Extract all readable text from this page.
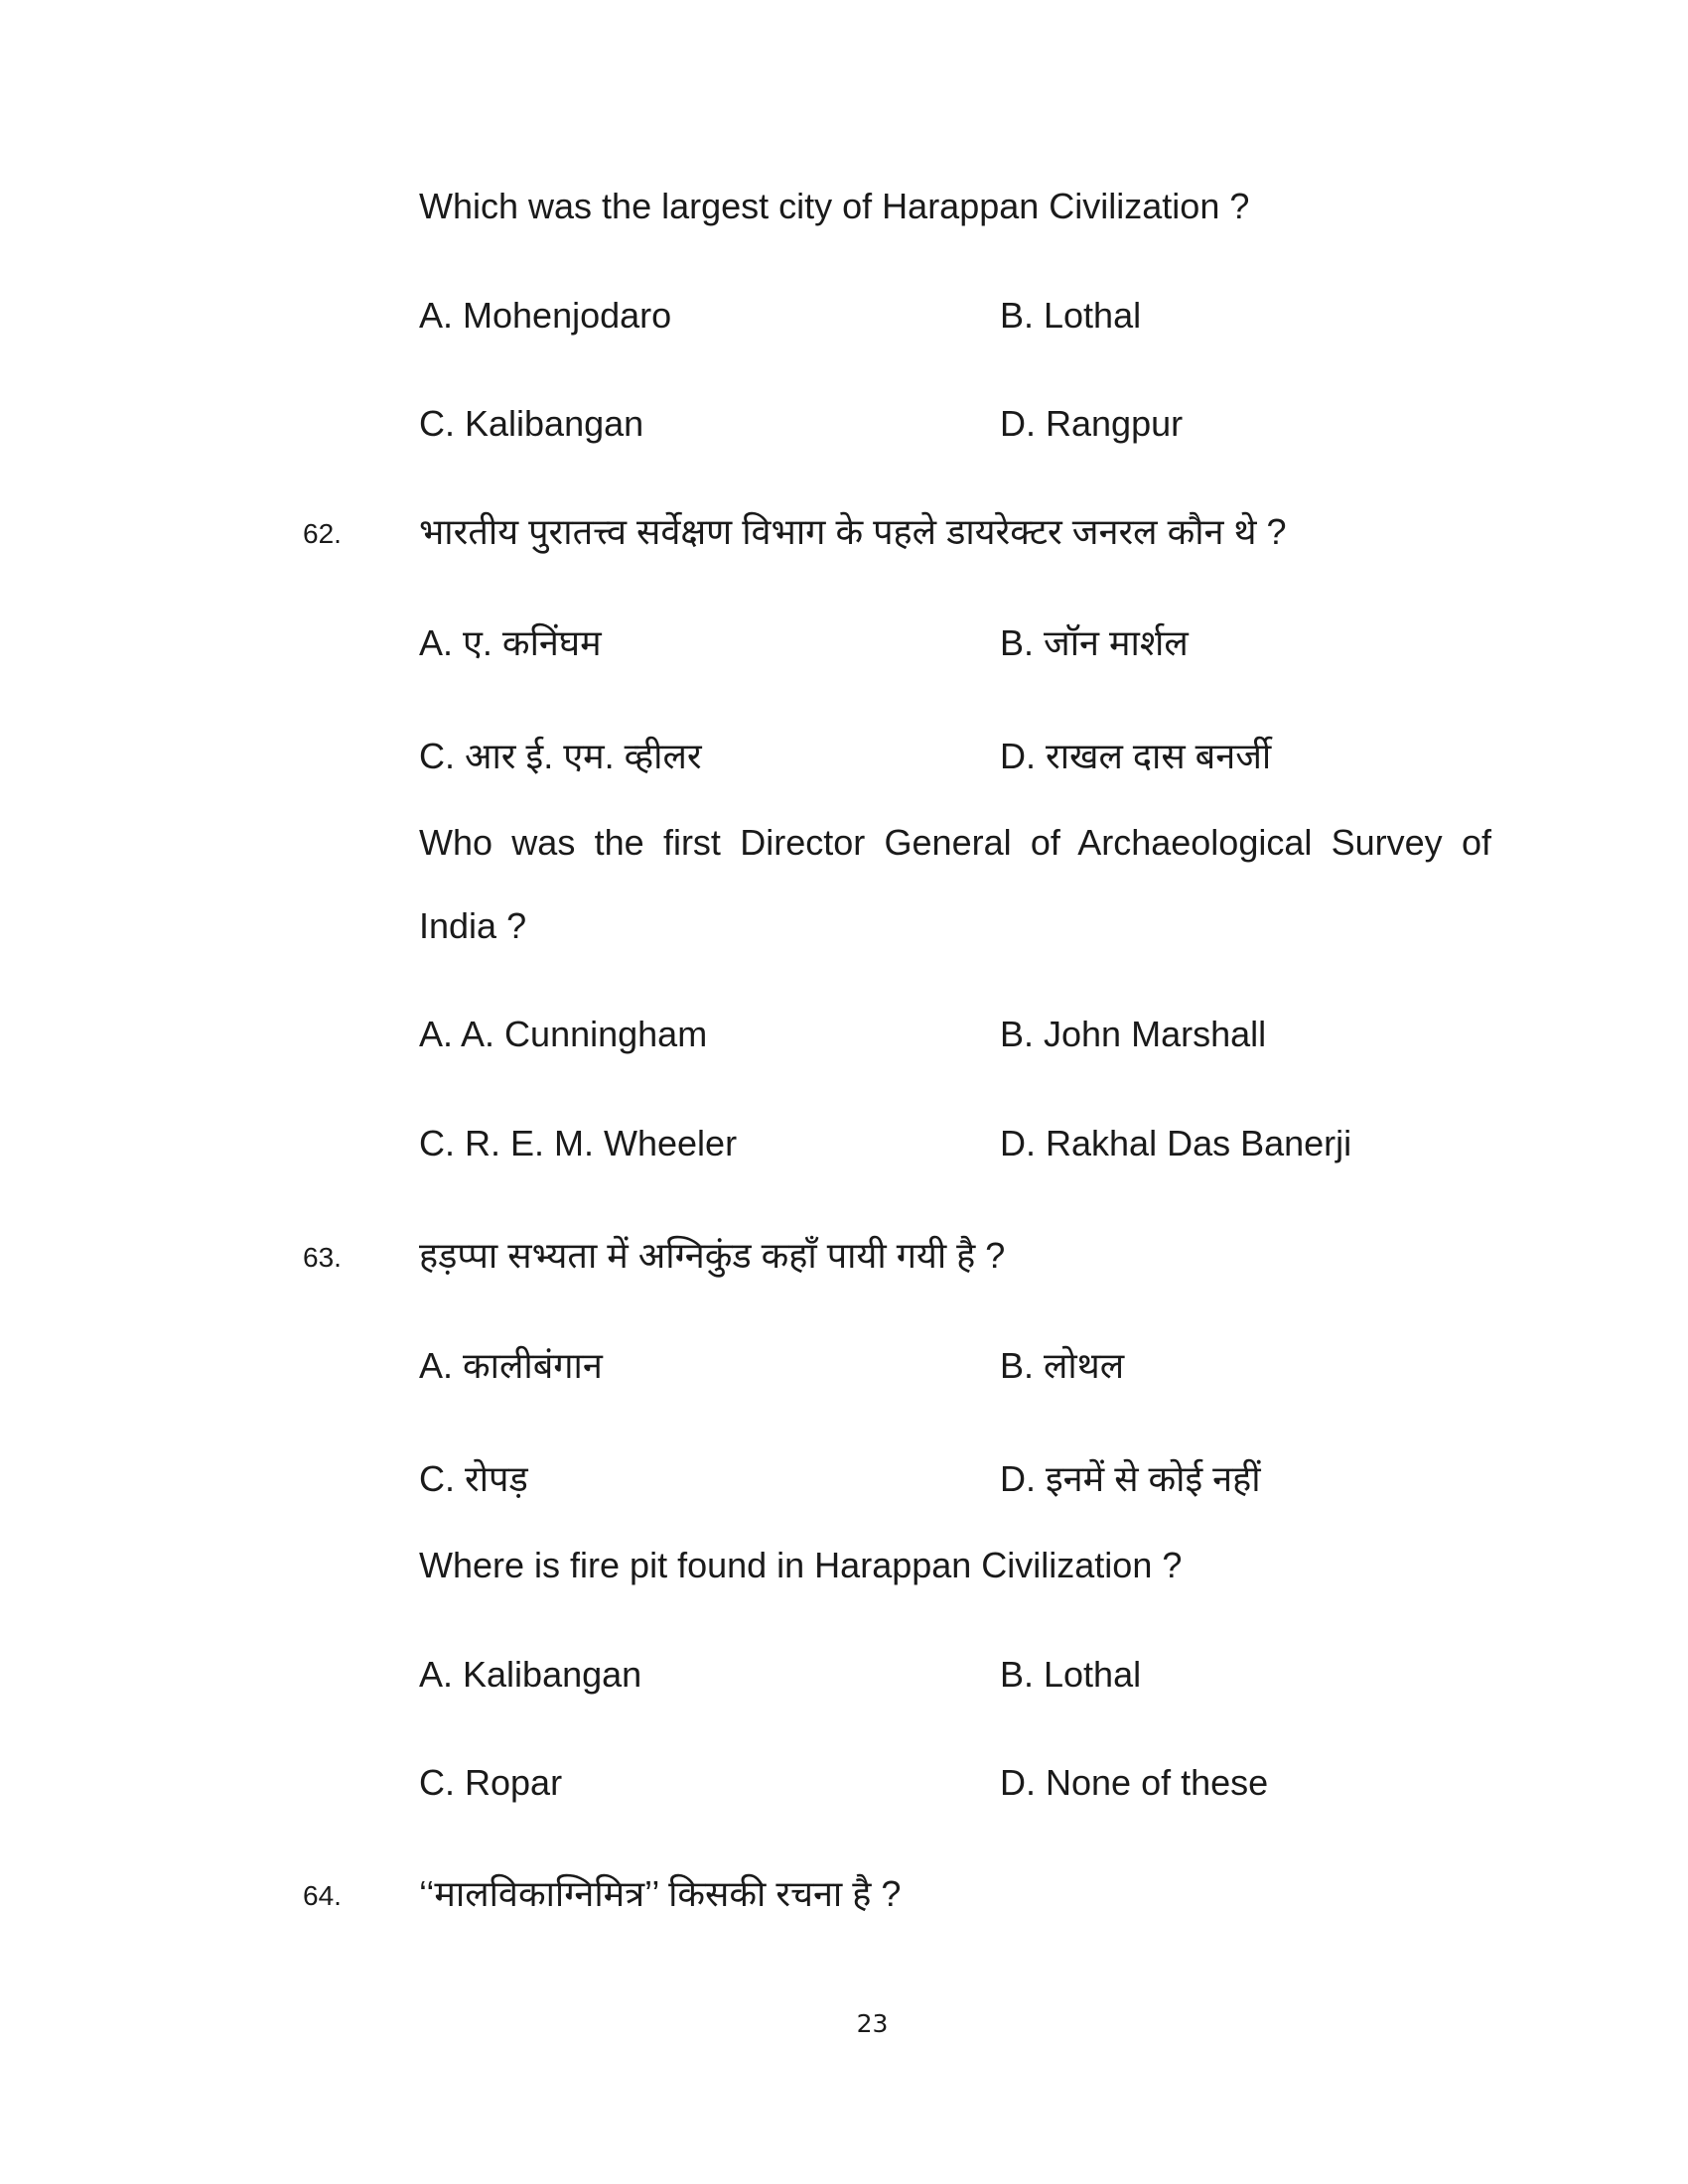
Which was the largest city of Harappan Civilization ?
A. Mohenjodaro	B. Lothal
C. Kalibangan	D. Rangpur
62. भारतीय पुरातत्त्व सर्वेक्षण विभाग के पहले डायरेक्टर जनरल कौन थे ?
A. ए. कनिंघम	B. जॉन मार्शल
C. आर ई. एम. व्हीलर	D. राखल दास बनर्जी
Who was the first Director General of Archaeological Survey of
India ?
A. A. Cunningham	B. John Marshall
C. R. E. M. Wheeler	D. Rakhal Das Banerji
63. हड़प्पा सभ्यता में अग्निकुंड कहाँ पायी गयी है ?
A. कालीबंगान	B. लोथल
C. रोपड़	D. इनमें से कोई नहीं
Where is fire pit found in Harappan Civilization ?
A. Kalibangan	B. Lothal
C. Ropar	D. None of these
64. ‘‘मालविकाग्निमित्र’’ किसकी रचना है ?
23
